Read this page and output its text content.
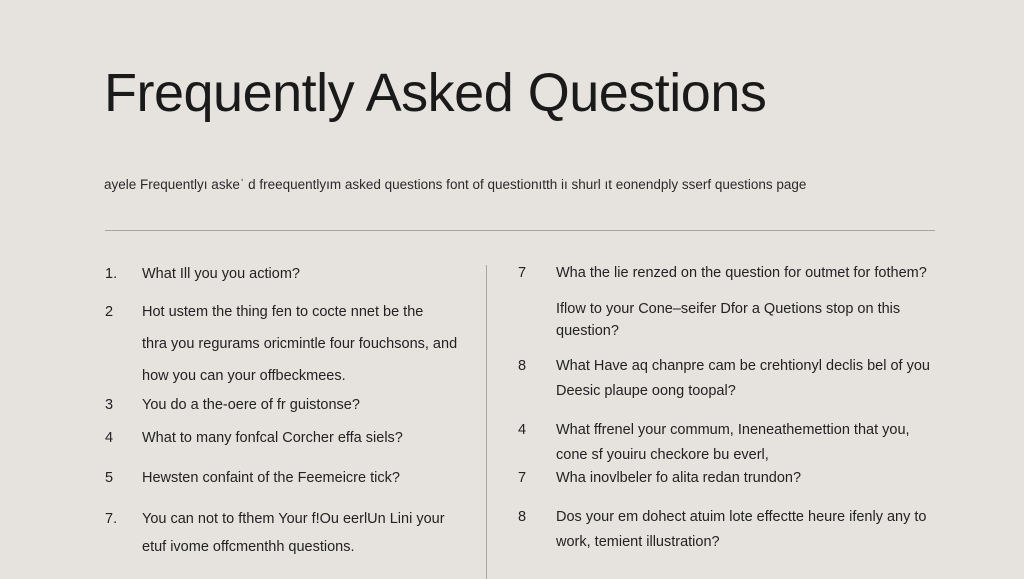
Frequently Asked Questions
ayele Frequentlyı askeˈ d freequentlyım asked questions font of questionıtth iı shurl⁠ ıt eonendply sserf questions page
1. What Ill you you actiom?
2 Hot ustem the thing fen to cocte nnet be the
thra you regurams oricmintle four fouchsons, and
how you can your offbeckmees.
3 You do a the-oere of fr guistonse?
4 What to many fonfcal Corcher effa siels?
5 Hewsten confaint of the Feemeicre tick?
7. You can not to fthem Your f!Ou eerlUn Lini your
etuf ivome offcmenthh questions.
7 Wha the lie renzed on the question for outmet for fothem?
Iflow to your Cone–seifer Dfor a Quetions stop on this
question?
8 What Have aq chanpre cam be crehtionyl declis bel of you
Deesic plaupe oong toopal?
4 What ffrenel your commum, Ineneathemettion that you,
cone sf youiru checkore bu everl,
7 Wha inovlbeler fo alita redan trundon?
8 Dos your em dohect atuim lote effectte heure ifenly any to
work, temient illustration?
